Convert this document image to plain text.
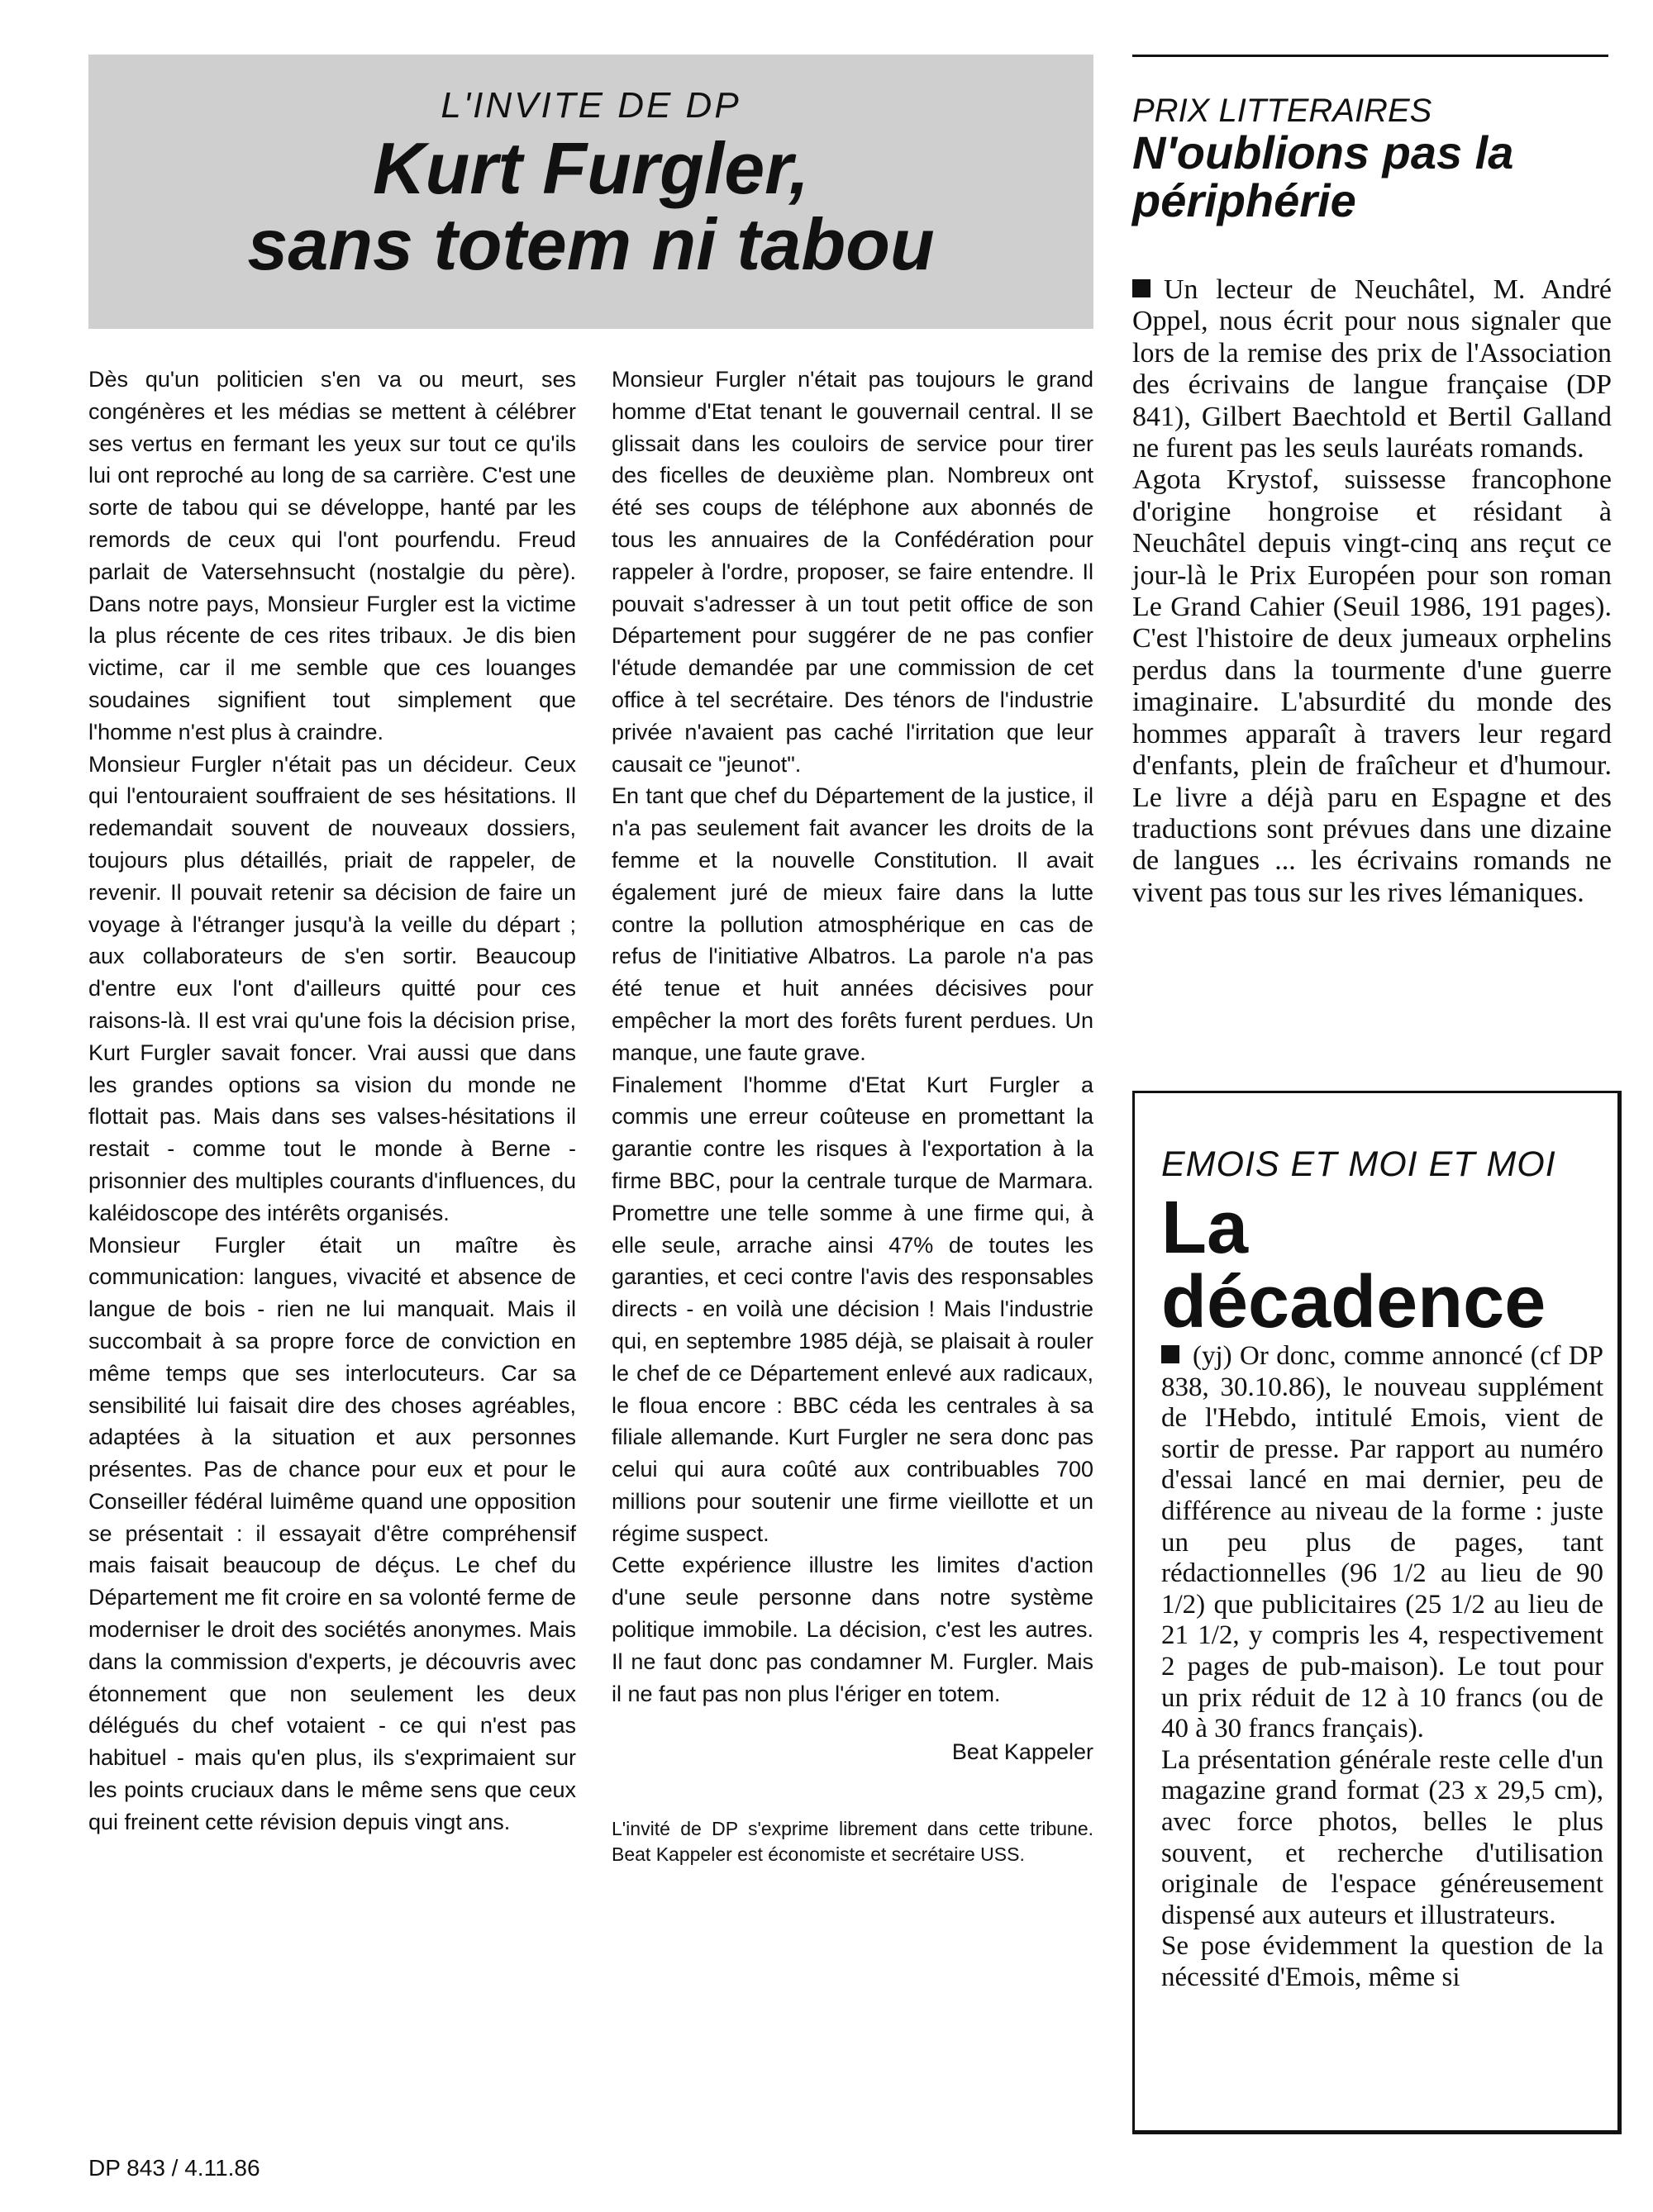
L'INVITE DE DP

Kurt Furgler,
sans totem ni tabou

Dès qu'un politicien s'en va ou meurt, ses congénères et les médias se mettent à célébrer ses vertus en fermant les yeux sur tout ce qu'ils lui ont reproché au long de sa carrière. C'est une sorte de tabou qui se développe, hanté par les remords de ceux qui l'ont pourfendu. Freud parlait de Vatersehnsucht (nostalgie du père). Dans notre pays, Monsieur Furgler est la victime la plus récente de ces rites tribaux. Je dis bien victime, car il me semble que ces louanges soudaines signifient tout simplement que l'homme n'est plus à craindre.

Monsieur Furgler n'était pas un décideur. Ceux qui l'entouraient souffraient de ses hésitations. Il redemandait souvent de nouveaux dossiers, toujours plus détaillés, priait de rappeler, de revenir. Il pouvait retenir sa décision de faire un voyage à l'étranger jusqu'à la veille du départ ; aux collaborateurs de s'en sortir. Beaucoup d'entre eux l'ont d'ailleurs quitté pour ces raisons-là. Il est vrai qu'une fois la décision prise, Kurt Furgler savait foncer. Vrai aussi que dans les grandes options sa vision du monde ne flottait pas. Mais dans ses valses-hésitations il restait - comme tout le monde à Berne - prisonnier des multiples courants d'influences, du kaléidoscope des intérêts organisés.

Monsieur Furgler était un maître ès communication: langues, vivacité et absence de langue de bois - rien ne lui manquait. Mais il succombait à sa propre force de conviction en même temps que ses interlocuteurs. Car sa sensibilité lui faisait dire des choses agréables, adaptées à la situation et aux personnes présentes. Pas de chance pour eux et pour le Conseiller fédéral luimême quand une opposition se présentait : il essayait d'être compréhensif mais faisait beaucoup de déçus. Le chef du Département me fit croire en sa volonté ferme de moderniser le droit des sociétés anonymes. Mais dans la commission d'experts, je découvris avec étonnement que non seulement les deux délégués du chef votaient - ce qui n'est pas habituel - mais qu'en plus, ils s'exprimaient sur les points cruciaux dans le même sens que ceux qui freinent cette révision depuis vingt ans.

Monsieur Furgler n'était pas toujours le grand homme d'Etat tenant le gouvernail central. Il se glissait dans les couloirs de service pour tirer des ficelles de deuxième plan. Nombreux ont été ses coups de téléphone aux abonnés de tous les annuaires de la Confédération pour rappeler à l'ordre, proposer, se faire entendre. Il pouvait s'adresser à un tout petit office de son Département pour suggérer de ne pas confier l'étude demandée par une commission de cet office à tel secrétaire. Des ténors de l'industrie privée n'avaient pas caché l'irritation que leur causait ce "jeunot".

En tant que chef du Département de la justice, il n'a pas seulement fait avancer les droits de la femme et la nouvelle Constitution. Il avait également juré de mieux faire dans la lutte contre la pollution atmosphérique en cas de refus de l'initiative Albatros. La parole n'a pas été tenue et huit années décisives pour empêcher la mort des forêts furent perdues. Un manque, une faute grave.

Finalement l'homme d'Etat Kurt Furgler a commis une erreur coûteuse en promettant la garantie contre les risques à l'exportation à la firme BBC, pour la centrale turque de Marmara. Promettre une telle somme à une firme qui, à elle seule, arrache ainsi 47% de toutes les garanties, et ceci contre l'avis des responsables directs - en voilà une décision ! Mais l'industrie qui, en septembre 1985 déjà, se plaisait à rouler le chef de ce Département enlevé aux radicaux, le floua encore : BBC céda les centrales à sa filiale allemande. Kurt Furgler ne sera donc pas celui qui aura coûté aux contribuables 700 millions pour soutenir une firme vieillotte et un régime suspect.

Cette expérience illustre les limites d'action d'une seule personne dans notre système politique immobile. La décision, c'est les autres. Il ne faut donc pas condamner M. Furgler. Mais il ne faut pas non plus l'ériger en totem.

Beat Kappeler

L'invité de DP s'exprime librement dans cette tribune. Beat Kappeler est économiste et secrétaire USS.

DP 843 / 4.11.86

PRIX LITTERAIRES

N'oublions pas la périphérie

Un lecteur de Neuchâtel, M. André Oppel, nous écrit pour nous signaler que lors de la remise des prix de l'Association des écrivains de langue française (DP 841), Gilbert Baechtold et Bertil Galland ne furent pas les seuls lauréats romands.

Agota Krystof, suissesse francophone d'origine hongroise et résidant à Neuchâtel depuis vingt-cinq ans reçut ce jour-là le Prix Européen pour son roman Le Grand Cahier (Seuil 1986, 191 pages). C'est l'histoire de deux jumeaux orphelins perdus dans la tourmente d'une guerre imaginaire. L'absurdité du monde des hommes apparaît à travers leur regard d'enfants, plein de fraîcheur et d'humour. Le livre a déjà paru en Espagne et des traductions sont prévues dans une dizaine de langues ... les écrivains romands ne vivent pas tous sur les rives lémaniques.

EMOIS ET MOI ET MOI

La décadence

(yj) Or donc, comme annoncé (cf DP 838, 30.10.86), le nouveau supplément de l'Hebdo, intitulé Emois, vient de sortir de presse. Par rapport au numéro d'essai lancé en mai dernier, peu de différence au niveau de la forme : juste un peu plus de pages, tant rédactionnelles (96 1/2 au lieu de 90 1/2) que publicitaires (25 1/2 au lieu de 21 1/2, y compris les 4, respectivement 2 pages de pub-maison). Le tout pour un prix réduit de 12 à 10 francs (ou de 40 à 30 francs français).

La présentation générale reste celle d'un magazine grand format (23 x 29,5 cm), avec force photos, belles le plus souvent, et recherche d'utilisation originale de l'espace généreusement dispensé aux auteurs et illustrateurs.

Se pose évidemment la question de la nécessité d'Emois, même si
